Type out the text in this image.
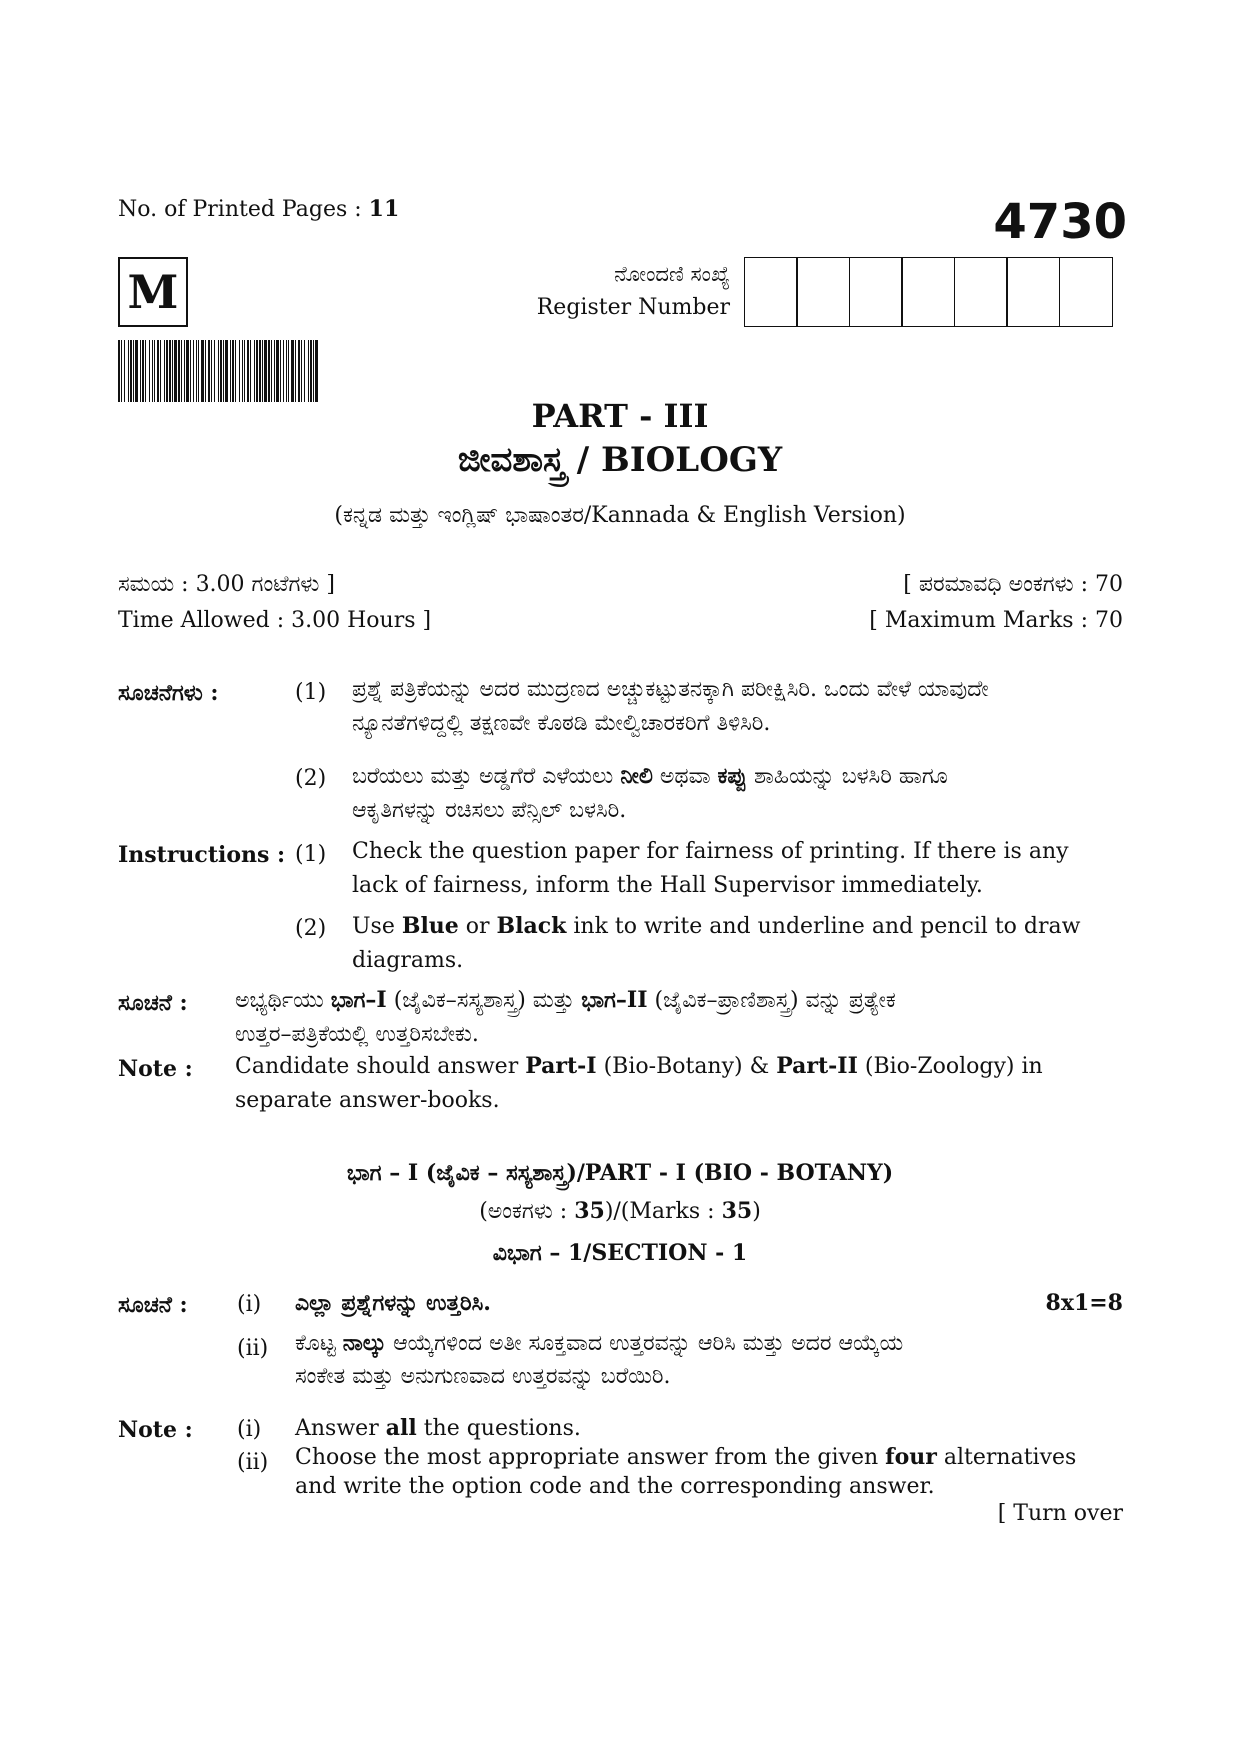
No. of Printed Pages : 11	4730
M	ನೋಂದಣಿ ಸಂಖ್ಯೆ
Register Number
PART - III
ಜೀವಶಾಸ್ತ್ರ / BIOLOGY
(ಕನ್ನಡ ಮತ್ತು ಇಂಗ್ಲಿಷ್ ಭಾಷಾಂತರ/Kannada & English Version)
ಸಮಯ : 3.00 ಗಂಟೆಗಳು ]	[ ಪರಮಾವಧಿ ಅಂಕಗಳು : 70
Time Allowed : 3.00 Hours ]	[ Maximum Marks : 70
ಸೂಚನೆಗಳು :	(1) ಪ್ರಶ್ನೆ ಪತ್ರಿಕೆಯನ್ನು ಅದರ ಮುದ್ರಣದ ಅಚ್ಚುಕಟ್ಟುತನಕ್ಕಾಗಿ ಪರೀಕ್ಷಿಸಿರಿ. ಒಂದು ವೇಳೆ ಯಾವುದೇ
ನ್ಯೂನತೆಗಳಿದ್ದಲ್ಲಿ ತಕ್ಷಣವೇ ಕೊಠಡಿ ಮೇಲ್ವಿಚಾರಕರಿಗೆ ತಿಳಿಸಿರಿ.
(2) ಬರೆಯಲು ಮತ್ತು ಅಡ್ಡಗೆರೆ ಎಳೆಯಲು ನೀಲಿ ಅಥವಾ ಕಪ್ಪು ಶಾಹಿಯನ್ನು ಬಳಸಿರಿ ಹಾಗೂ
ಆಕೃತಿಗಳನ್ನು ರಚಿಸಲು ಪೆನ್ಸಿಲ್ ಬಳಸಿರಿ.
Instructions : (1) Check the question paper for fairness of printing. If there is any
lack of fairness, inform the Hall Supervisor immediately.
(2) Use Blue or Black ink to write and underline and pencil to draw
diagrams.
ಸೂಚನೆ : ಅಭ್ಯರ್ಥಿಯು ಭಾಗ–I (ಜೈವಿಕ–ಸಸ್ಯಶಾಸ್ತ್ರ) ಮತ್ತು ಭಾಗ–II (ಜೈವಿಕ–ಪ್ರಾಣಿಶಾಸ್ತ್ರ) ವನ್ನು ಪ್ರತ್ಯೇಕ
ಉತ್ತರ–ಪತ್ರಿಕೆಯಲ್ಲಿ ಉತ್ತರಿಸಬೇಕು.
Note : Candidate should answer Part-I (Bio-Botany) & Part-II (Bio-Zoology) in
separate answer-books.
ಭಾಗ – I (ಜೈವಿಕ – ಸಸ್ಯಶಾಸ್ತ್ರ)/PART - I (BIO - BOTANY)
(ಅಂಕಗಳು : 35)/(Marks : 35)
ವಿಭಾಗ – 1/SECTION - 1
ಸೂಚನೆ : (i) ಎಲ್ಲಾ ಪ್ರಶ್ನೆಗಳನ್ನು ಉತ್ತರಿಸಿ.	8x1=8
(ii) ಕೊಟ್ಟ ನಾಲ್ಕು ಆಯ್ಕೆಗಳಿಂದ ಅತೀ ಸೂಕ್ತವಾದ ಉತ್ತರವನ್ನು ಆರಿಸಿ ಮತ್ತು ಅದರ ಆಯ್ಕೆಯ
ಸಂಕೇತ ಮತ್ತು ಅನುಗುಣವಾದ ಉತ್ತರವನ್ನು ಬರೆಯಿರಿ.
Note : (i) Answer all the questions.
(ii) Choose the most appropriate answer from the given four alternatives
and write the option code and the corresponding answer.
[ Turn over
